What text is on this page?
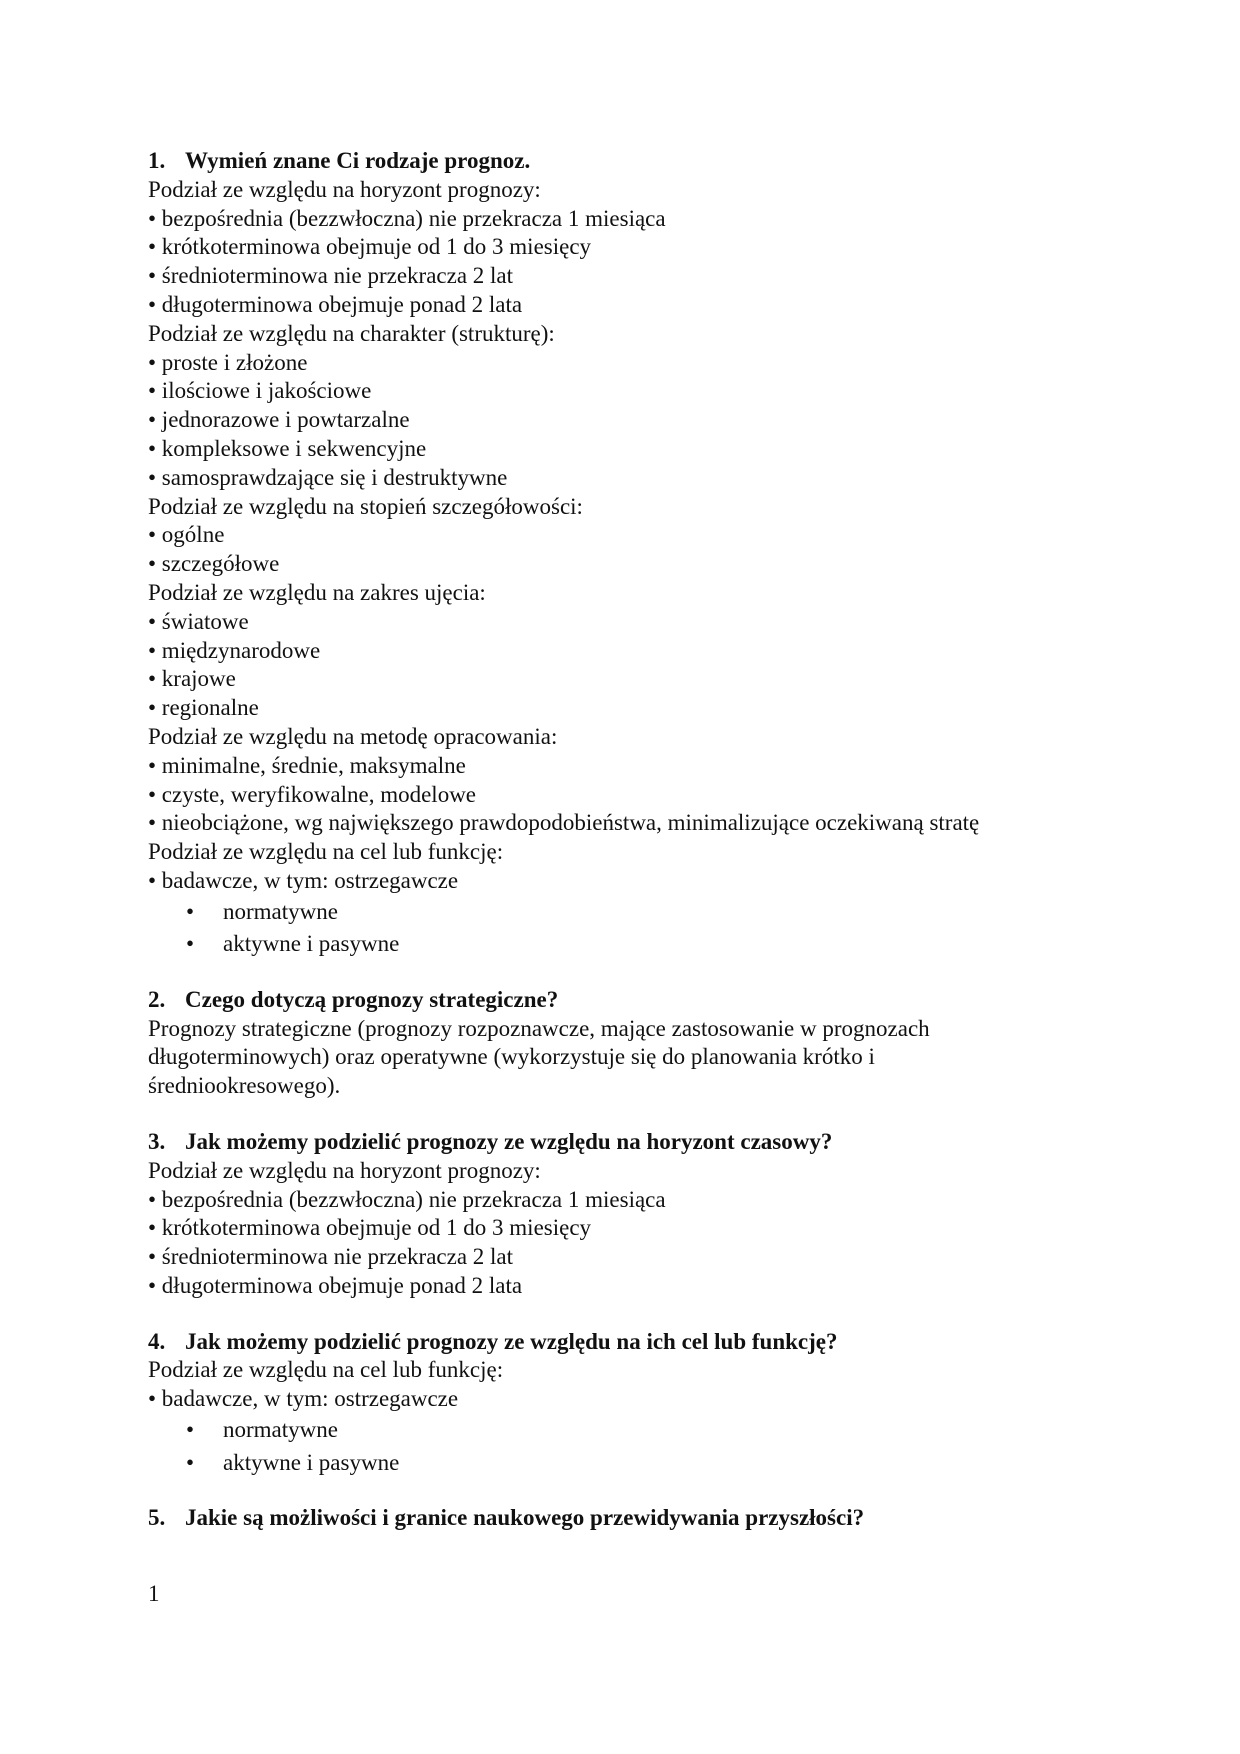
1. Wymień znane Ci rodzaje prognoz.
Podział ze względu na horyzont prognozy:
• bezpośrednia (bezzwłoczna) nie przekracza 1 miesiąca
• krótkoterminowa obejmuje od 1 do 3 miesięcy
• średnioterminowa nie przekracza 2 lat
• długoterminowa obejmuje ponad 2 lata
Podział ze względu na charakter (strukturę):
• proste i złożone
• ilościowe i jakościowe
• jednorazowe i powtarzalne
• kompleksowe i sekwencyjne
• samosprawdzające się i destruktywne
Podział ze względu na stopień szczegółowości:
• ogólne
• szczegółowe
Podział ze względu na zakres ujęcia:
• światowe
• międzynarodowe
• krajowe
• regionalne
Podział ze względu na metodę opracowania:
• minimalne, średnie, maksymalne
• czyste, weryfikowalne, modelowe
• nieobciążone, wg największego prawdopodobieństwa, minimalizujące oczekiwaną stratę
Podział ze względu na cel lub funkcję:
• badawcze, w tym: ostrzegawcze
• normatywne
• aktywne i pasywne
2. Czego dotyczą prognozy strategiczne?
Prognozy strategiczne (prognozy rozpoznawcze, mające zastosowanie w prognozach
długoterminowych) oraz operatywne (wykorzystuje się do planowania krótko i
średniookresowego).
3. Jak możemy podzielić prognozy ze względu na horyzont czasowy?
Podział ze względu na horyzont prognozy:
• bezpośrednia (bezzwłoczna) nie przekracza 1 miesiąca
• krótkoterminowa obejmuje od 1 do 3 miesięcy
• średnioterminowa nie przekracza 2 lat
• długoterminowa obejmuje ponad 2 lata
4. Jak możemy podzielić prognozy ze względu na ich cel lub funkcję?
Podział ze względu na cel lub funkcję:
• badawcze, w tym: ostrzegawcze
• normatywne
• aktywne i pasywne
5. Jakie są możliwości i granice naukowego przewidywania przyszłości?
1
